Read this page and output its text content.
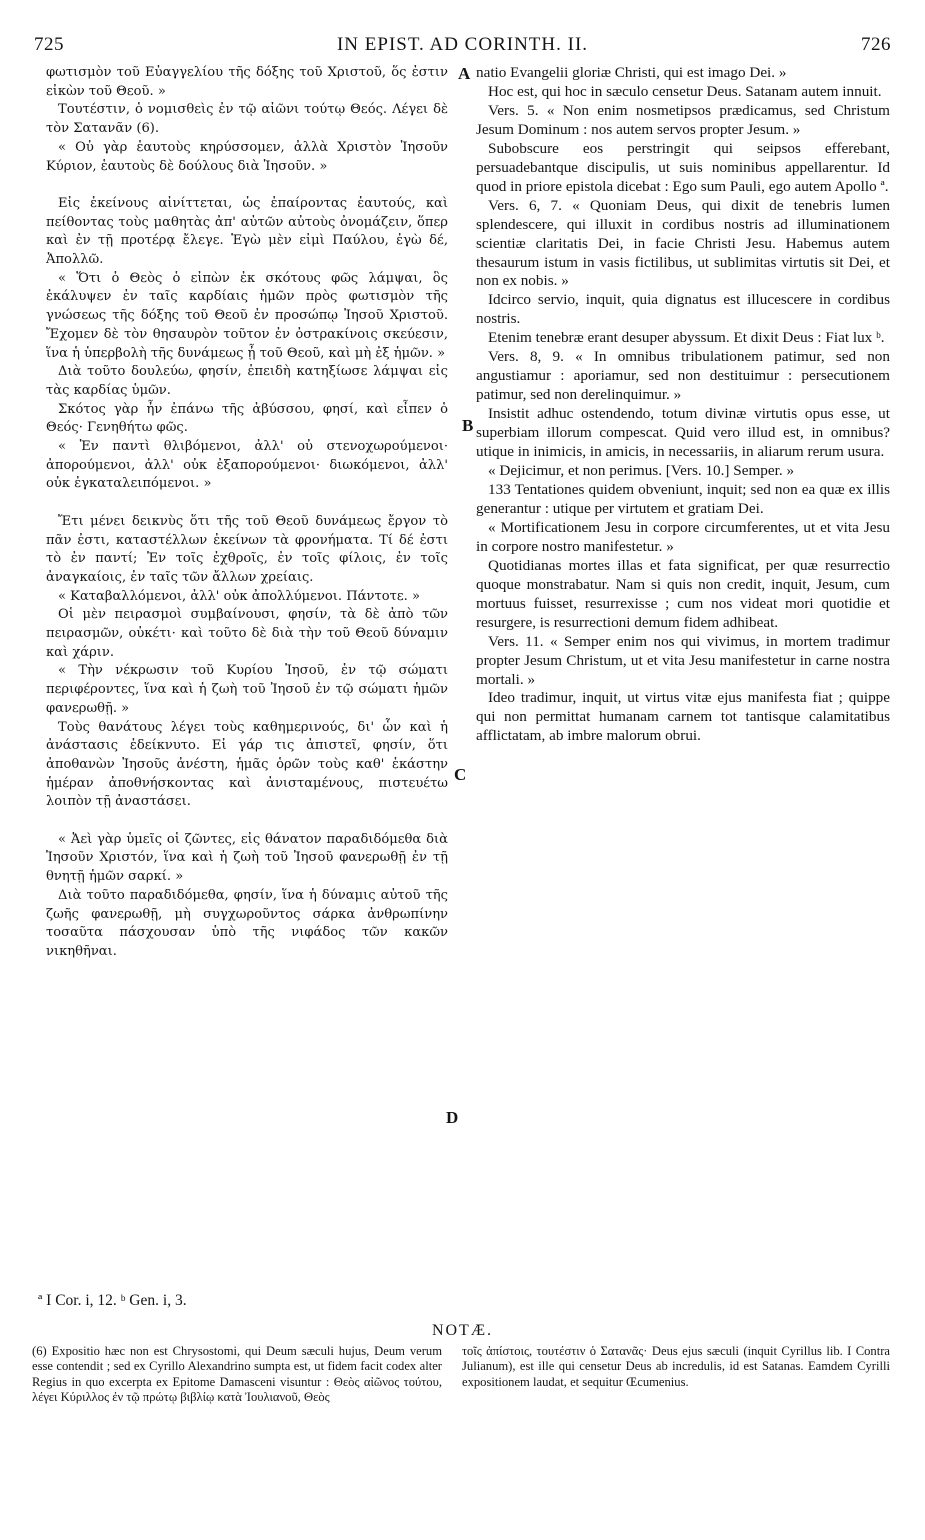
725	IN EPIST. AD CORINTH. II.	726

φωτισμὸν τοῦ Εὐαγγελίου τῆς δόξης τοῦ Χριστοῦ, ὅς ἐστιν εἰκὼν τοῦ Θεοῦ. »

Τουτέστιν, ὁ νομισθεὶς ἐν τῷ αἰῶνι τούτῳ Θεός. Λέγει δὲ τὸν Σατανᾶν (6).

« Οὐ γὰρ ἑαυτοὺς κηρύσσομεν, ἀλλὰ Χριστὸν Ἰησοῦν Κύριον, ἑαυτοὺς δὲ δούλους διὰ Ἰησοῦν. »

Εἰς ἐκείνους αἰνίττεται, ὡς ἐπαίροντας ἑαυτούς, καὶ πείθοντας τοὺς μαθητὰς ἀπ' αὐτῶν αὐτοὺς ὀνομάζειν, ὅπερ καὶ ἐν τῇ προτέρᾳ ἔλεγε. Ἐγὼ μὲν εἰμὶ Παύλου, ἐγὼ δέ, Ἀπολλῶ.

« Ὅτι ὁ Θεὸς ὁ εἰπὼν ἐκ σκότους φῶς λάμψαι, ὃς ἐκάλυψεν ἐν ταῖς καρδίαις ἡμῶν πρὸς φωτισμὸν τῆς γνώσεως τῆς δόξης τοῦ Θεοῦ ἐν προσώπῳ Ἰησοῦ Χριστοῦ. Ἔχομεν δὲ τὸν θησαυρὸν τοῦτον ἐν ὀστρακίνοις σκεύεσιν, ἵνα ἡ ὑπερβολὴ τῆς δυνάμεως ᾖ τοῦ Θεοῦ, καὶ μὴ ἐξ ἡμῶν. »

Διὰ τοῦτο δουλεύω, φησίν, ἐπειδὴ κατηξίωσε λάμψαι εἰς τὰς καρδίας ὑμῶν.

Σκότος γὰρ ἦν ἐπάνω τῆς ἀβύσσου, φησί, καὶ εἶπεν ὁ Θεός· Γενηθήτω φῶς.

« Ἐν παντὶ θλιβόμενοι, ἀλλ' οὐ στενοχωρούμενοι· ἀπορούμενοι, ἀλλ' οὐκ ἐξαπορούμενοι· διωκόμενοι, ἀλλ' οὐκ ἐγκαταλειπόμενοι. »

Ἔτι μένει δεικνὺς ὅτι τῆς τοῦ Θεοῦ δυνάμεως ἔργον τὸ πᾶν ἐστι, καταστέλλων ἐκείνων τὰ φρονήματα. Τί δέ ἐστι τὸ ἐν παντί; Ἐν τοῖς ἐχθροῖς, ἐν τοῖς φίλοις, ἐν τοῖς ἀναγκαίοις, ἐν ταῖς τῶν ἄλλων χρείαις.

« Καταβαλλόμενοι, ἀλλ' οὐκ ἀπολλύμενοι. Πάντοτε. »

Οἱ μὲν πειρασμοὶ συμβαίνουσι, φησίν, τὰ δὲ ἀπὸ τῶν πειρασμῶν, οὐκέτι· καὶ τοῦτο δὲ διὰ τὴν τοῦ Θεοῦ δύναμιν καὶ χάριν.

« Τὴν νέκρωσιν τοῦ Κυρίου Ἰησοῦ, ἐν τῷ σώματι περιφέροντες, ἵνα καὶ ἡ ζωὴ τοῦ Ἰησοῦ ἐν τῷ σώματι ἡμῶν φανερωθῇ. »

Τοὺς θανάτους λέγει τοὺς καθημερινούς, δι' ὧν καὶ ἡ ἀνάστασις ἐδείκνυτο. Εἰ γάρ τις ἀπιστεῖ, φησίν, ὅτι ἀποθανὼν Ἰησοῦς ἀνέστη, ἡμᾶς ὁρῶν τοὺς καθ' ἑκάστην ἡμέραν ἀποθνήσκοντας καὶ ἀνισταμένους, πιστευέτω λοιπὸν τῇ ἀναστάσει.

« Ἀεὶ γὰρ ὑμεῖς οἱ ζῶντες, εἰς θάνατον παραδιδόμεθα διὰ Ἰησοῦν Χριστόν, ἵνα καὶ ἡ ζωὴ τοῦ Ἰησοῦ φανερωθῇ ἐν τῇ θνητῇ ἡμῶν σαρκί. »

Διὰ τοῦτο παραδιδόμεθα, φησίν, ἵνα ἡ δύναμις αὐτοῦ τῆς ζωῆς φανερωθῇ, μὴ συγχωροῦντος σάρκα ἀνθρωπίνην τοσαῦτα πάσχουσαν ὑπὸ τῆς νιφάδος τῶν κακῶν νικηθῆναι.

A
B
C
D

natio Evangelii gloriæ Christi, qui est imago Dei. »

Hoc est, qui hoc in sæculo censetur Deus. Satanam autem innuit.

Vers. 5. « Non enim nosmetipsos prædicamus, sed Christum Jesum Dominum : nos autem servos propter Jesum. »

Subobscure eos perstringit qui seipsos efferebant, persuadebantque discipulis, ut suis nominibus appellarentur. Id quod in priore epistola dicebat : Ego sum Pauli, ego autem Apollo ª.

Vers. 6, 7. « Quoniam Deus, qui dixit de tenebris lumen splendescere, qui illuxit in cordibus nostris ad illuminationem scientiæ claritatis Dei, in facie Christi Jesu. Habemus autem thesaurum istum in vasis fictilibus, ut sublimitas virtutis sit Dei, et non ex nobis. »

Idcirco servio, inquit, quia dignatus est illucescere in cordibus nostris.

Etenim tenebræ erant desuper abyssum. Et dixit Deus : Fiat lux ᵇ.

Vers. 8, 9. « In omnibus tribulationem patimur, sed non angustiamur : aporiamur, sed non destituimur : persecutionem patimur, sed non derelinquimur. »

Insistit adhuc ostendendo, totum divinæ virtutis opus esse, ut superbiam illorum compescat. Quid vero illud est, in omnibus? utique in inimicis, in amicis, in necessariis, in aliarum rerum usura.

« Dejicimur, et non perimus. [Vers. 10.] Semper. »

133 Tentationes quidem obveniunt, inquit; sed non ea quæ ex illis generantur : utique per virtutem et gratiam Dei.

« Mortificationem Jesu in corpore circumferentes, ut et vita Jesu in corpore nostro manifestetur. »

Quotidianas mortes illas et fata significat, per quæ resurrectio quoque monstrabatur. Nam si quis non credit, inquit, Jesum, cum mortuus fuisset, resurrexisse ; cum nos videat mori quotidie et resurgere, is resurrectioni demum fidem adhibeat.

Vers. 11. « Semper enim nos qui vivimus, in mortem tradimur propter Jesum Christum, ut et vita Jesu manifestetur in carne nostra mortali. »

Ideo tradimur, inquit, ut virtus vitæ ejus manifesta fiat ; quippe qui non permittat humanam carnem tot tantisque calamitatibus afflictatam, ab imbre malorum obrui.

ª I Cor. i, 12. ᵇ Gen. i, 3.
NOTÆ.

(6) Expositio hæc non est Chrysostomi, qui Deum sæculi hujus, Deum verum esse contendit ; sed ex Cyrillo Alexandrino sumpta est, ut fidem facit codex alter Regius in quo excerpta ex Epitome Damasceni visuntur : Θεὸς αἰῶνος τούτου, λέγει Κύριλλος ἐν τῷ πρώτῳ βιβλίῳ κατὰ Ἰουλιανοῦ, Θεὸς

τοῖς ἀπίστοις, τουτέστιν ὁ Σατανᾶς· Deus ejus sæculi (inquit Cyrillus lib. I Contra Julianum), est ille qui censetur Deus ab incredulis, id est Satanas. Eamdem Cyrilli expositionem laudat, et sequitur Œcumenius.
